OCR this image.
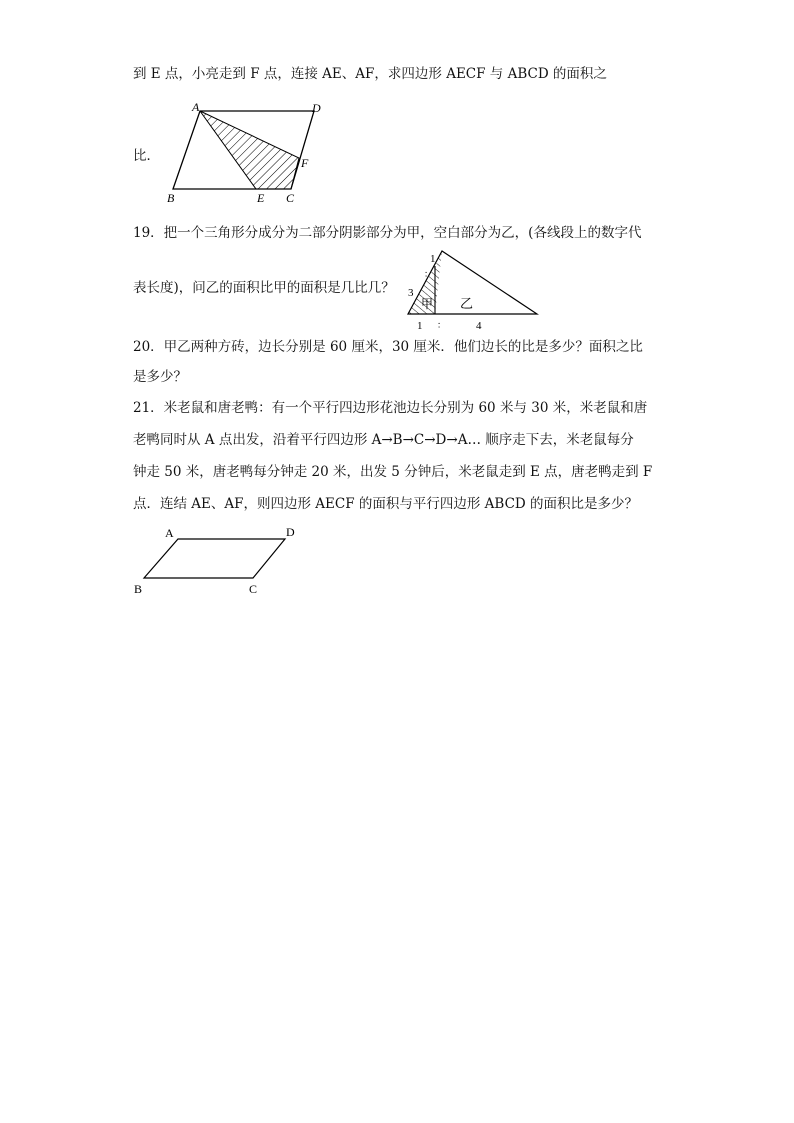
到 E 点，小亮走到 F 点，连接 AE、AF，求四边形 AECF 与 ABCD 的面积之
A	D
B	E C
F
比．
19．把一个三角形分成分为二部分阴影部分为甲，空白部分为乙，(各线段上的数字代
表长度)，问乙的面积比甲的面积是几比几？
1
：
3
甲 乙
1 ：	4
20．甲乙两种方砖，边长分别是 60 厘米，30 厘米．他们边长的比是多少？面积之比
是多少？
21．米老鼠和唐老鸭：有一个平行四边形花池边长分别为 60 米与 30 米，米老鼠和唐
老鸭同时从 A 点出发，沿着平行四边形 A→B→C→D→A… 顺序走下去，米老鼠每分
钟走 50 米，唐老鸭每分钟走 20 米，出发 5 分钟后，米老鼠走到 E 点，唐老鸭走到 F
点．连结 AE、AF，则四边形 AECF 的面积与平行四边形 ABCD 的面积比是多少？
A	D
B	C
